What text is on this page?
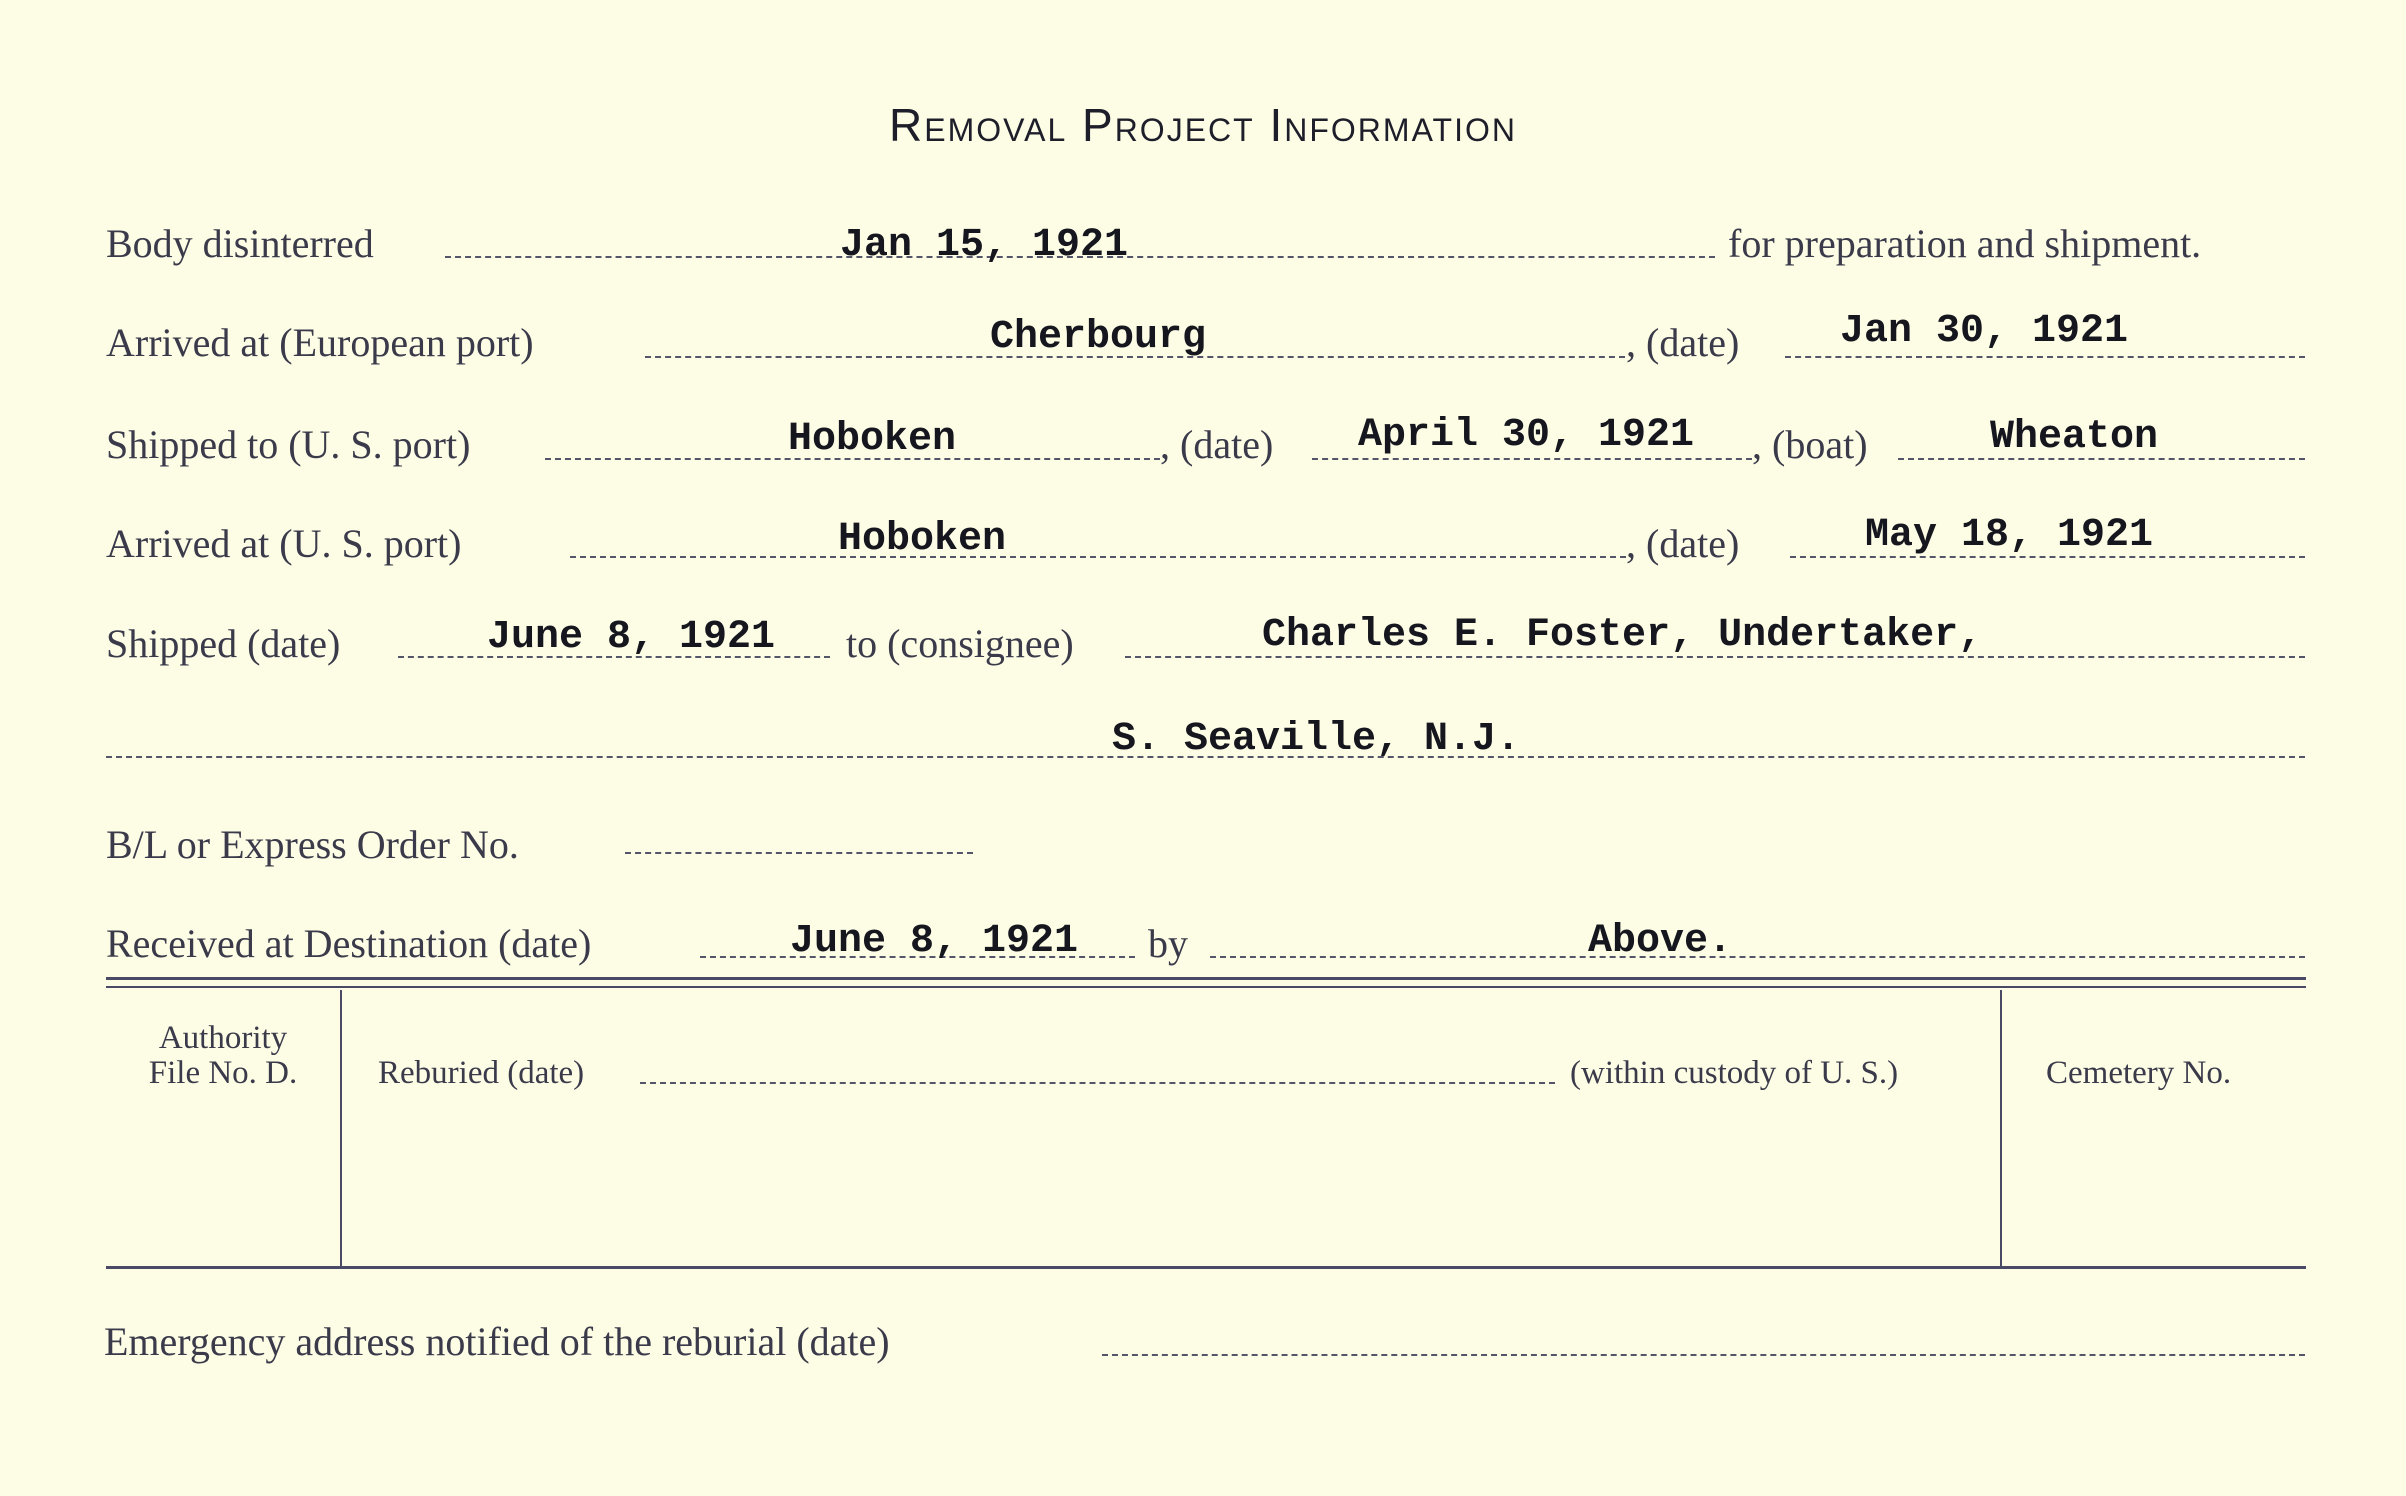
Removal Project Information
Body disinterred	Jan 15, 1921	for preparation and shipment.
Arrived at (European port)	Cherbourg	, (date)	Jan 30, 1921
Shipped to (U. S. port)	Hoboken	, (date) April 30, 1921 , (boat)	Wheaton
Arrived at (U. S. port)	Hoboken	, (date)	May 18, 1921
Shipped (date)	June 8, 1921 to (consignee)	Charles E. Foster, Undertaker,
S. Seaville, N.J.
B/L or Express Order No.
Received at Destination (date)	June 8, 1921 by	Above.
Authority
File No. D.	Reburied (date)	(within custody of U. S.)	Cemetery No.
Emergency address notified of the reburial (date)
